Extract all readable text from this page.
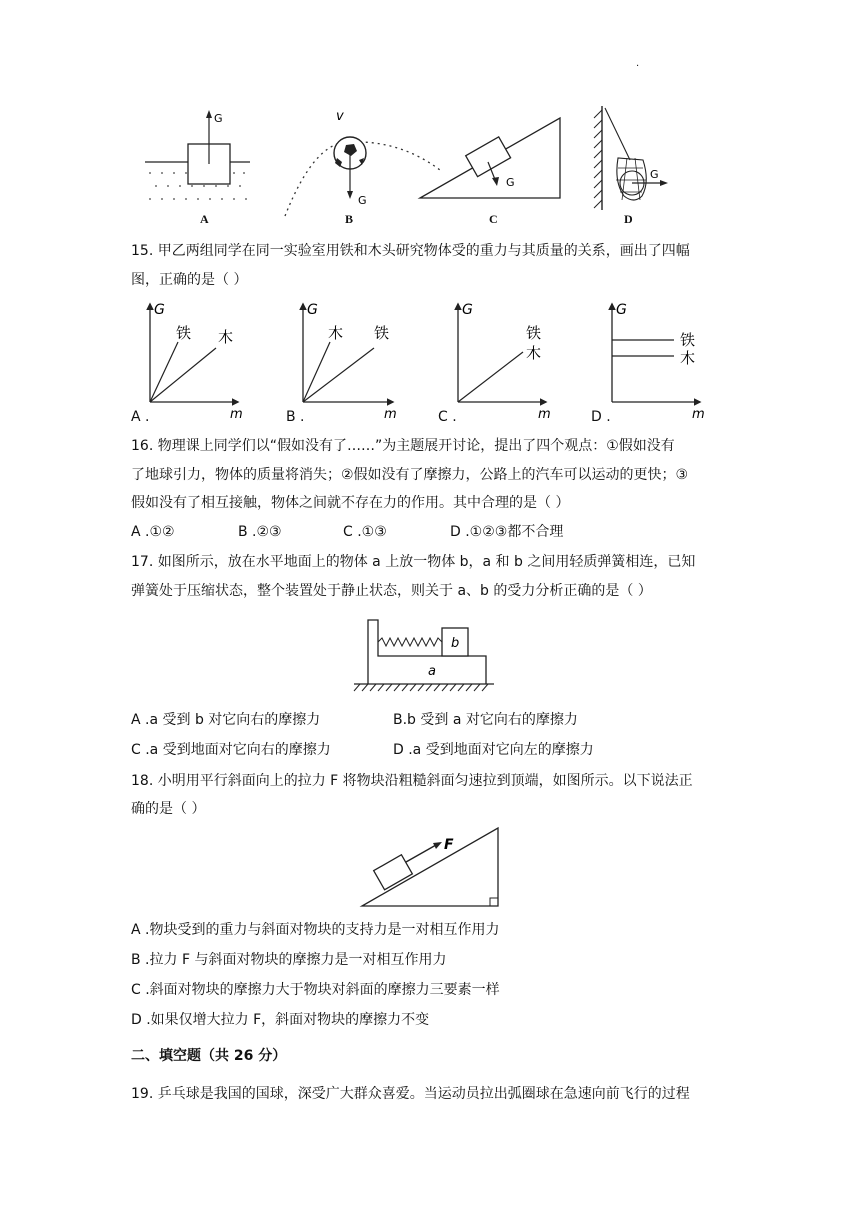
.
G	v
G
G
G
A	B	C	D
15. 甲乙两组同学在同一实验室用铁和木头研究物体受的重力与其质量的关系，画出了四幅
图，正确的是（ ）
G
m
铁 木
G
m
木 铁
G
m
铁
木
G
m
铁
木
A .	B .	C .	D .
16. 物理课上同学们以“假如没有了……”为主题展开讨论，提出了四个观点：①假如没有
了地球引力，物体的质量将消失；②假如没有了摩擦力，公路上的汽车可以运动的更快；③
假如没有了相互接触，物体之间就不存在力的作用。其中合理的是（ ）
A .①②	B .②③	C .①③	D .①②③都不合理
17. 如图所示，放在水平地面上的物体 a 上放一物体 b，a 和 b 之间用轻质弹簧相连，已知
弹簧处于压缩状态，整个装置处于静止状态，则关于 a、b 的受力分析正确的是（ ）
b
a
A .a 受到 b 对它向右的摩擦力	B.b 受到 a 对它向右的摩擦力
C .a 受到地面对它向右的摩擦力	D .a 受到地面对它向左的摩擦力
18. 小明用平行斜面向上的拉力 F 将物块沿粗糙斜面匀速拉到顶端，如图所示。以下说法正
确的是（ ）
F
A .物块受到的重力与斜面对物块的支持力是一对相互作用力
B .拉力 F 与斜面对物块的摩擦力是一对相互作用力
C .斜面对物块的摩擦力大于物块对斜面的摩擦力三要素一样
D .如果仅增大拉力 F，斜面对物块的摩擦力不变
二、填空题（共 26 分）
19. 乒乓球是我国的国球，深受广大群众喜爱。当运动员拉出弧圈球在急速向前飞行的过程
